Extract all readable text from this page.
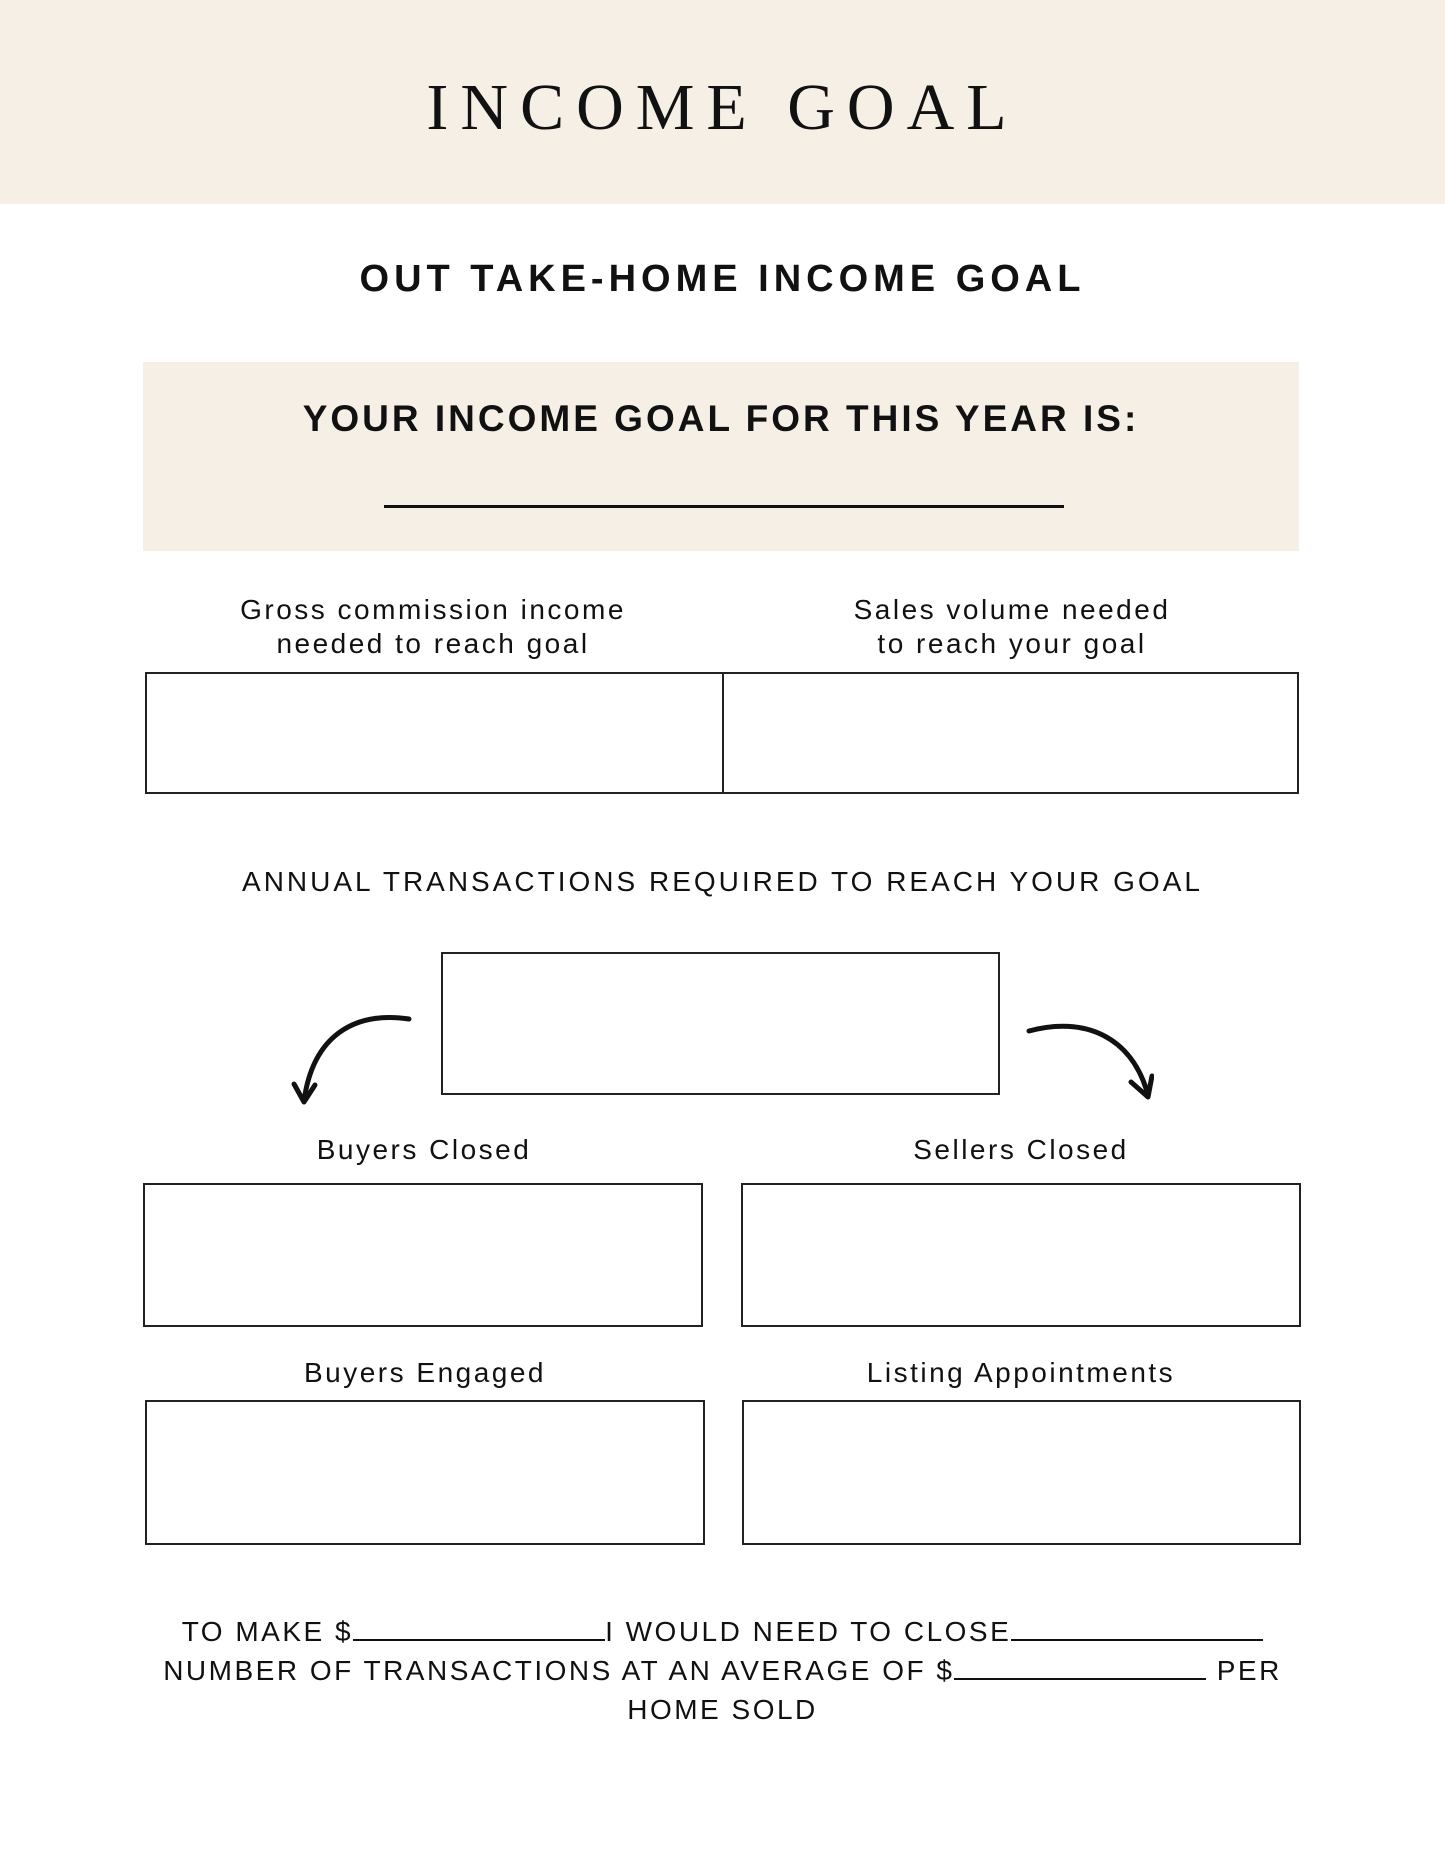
INCOME GOAL
OUT TAKE-HOME INCOME GOAL
YOUR INCOME GOAL FOR THIS YEAR IS:
Gross commission income
needed to reach goal
Sales volume needed
to reach your goal
ANNUAL TRANSACTIONS REQUIRED TO REACH YOUR GOAL
Buyers Closed	Sellers Closed
Buyers Engaged	Listing Appointments
TO MAKE $	I WOULD NEED TO CLOSE
NUMBER OF TRANSACTIONS AT AN AVERAGE OF $	PER HOME SOLD
